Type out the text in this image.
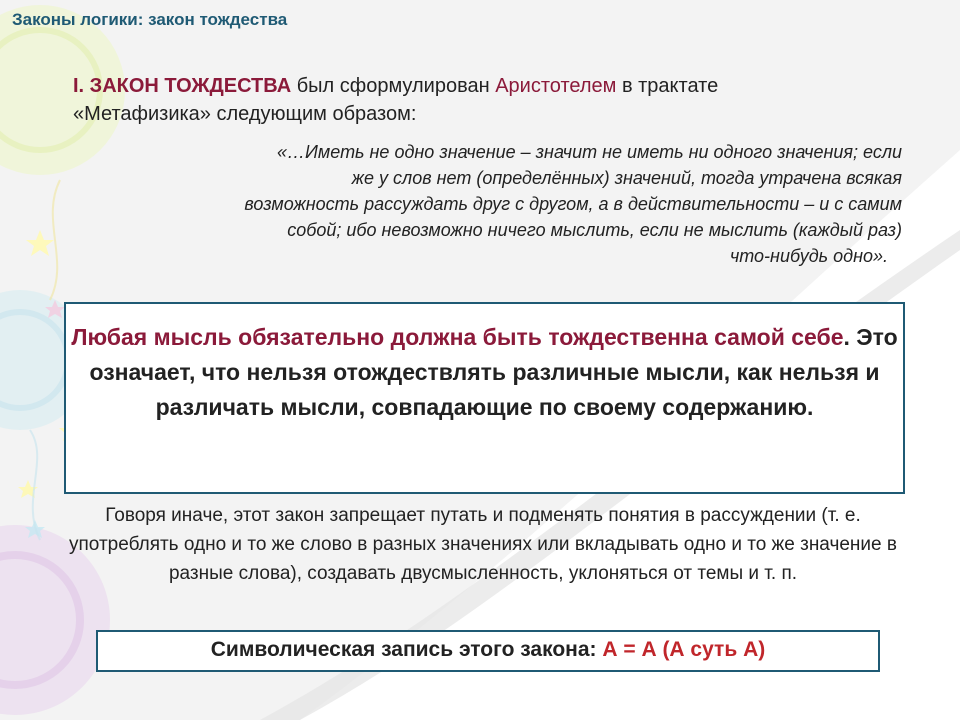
Законы логики: закон тождества
I. ЗАКОН ТОЖДЕСТВА был сформулирован Аристотелем в трактате «Метафизика» следующим образом:
«…Иметь не одно значение – значит не иметь ни одного значения; если
же у слов нет (определённых) значений, тогда утрачена всякая
возможность рассуждать друг с другом, а в действительности – и с самим
собой; ибо невозможно ничего мыслить, если не мыслить (каждый раз)
что-нибудь одно».
Любая мысль обязательно должна быть тождественна самой себе. Это означает, что нельзя отождествлять различные мысли, как нельзя и различать мысли, совпадающие по своему содержанию.
Говоря иначе, этот закон запрещает путать и подменять понятия в рассуждении (т. е. употреблять одно и то же слово в разных значениях или вкладывать одно и то же значение в разные слова), создавать двусмысленность, уклоняться от темы и т. п.
Символическая запись этого закона: А = А (А суть А)
